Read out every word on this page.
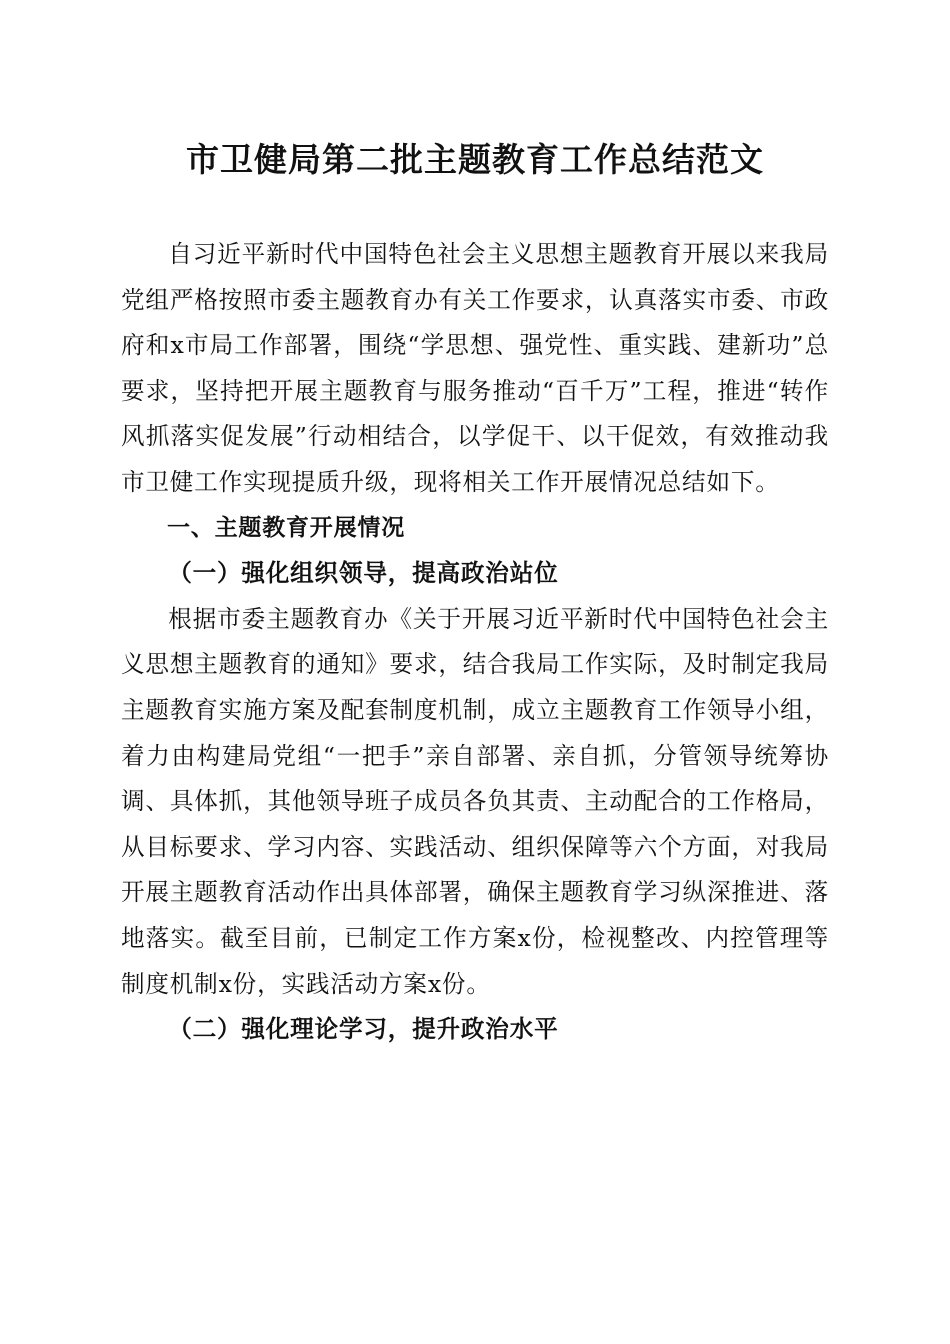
市卫健局第二批主题教育工作总结范文

自习近平新时代中国特色社会主义思想主题教育开展以来我局党组严格按照市委主题教育办有关工作要求，认真落实市委、市政府和x市局工作部署，围绕“学思想、强党性、重实践、建新功”总要求，坚持把开展主题教育与服务推动“百千万”工程，推进“转作风抓落实促发展”行动相结合，以学促干、以干促效，有效推动我市卫健工作实现提质升级，现将相关工作开展情况总结如下。

一、主题教育开展情况

（一）强化组织领导，提高政治站位

根据市委主题教育办《关于开展习近平新时代中国特色社会主义思想主题教育的通知》要求，结合我局工作实际，及时制定我局主题教育实施方案及配套制度机制，成立主题教育工作领导小组，着力由构建局党组“一把手”亲自部署、亲自抓，分管领导统筹协调、具体抓，其他领导班子成员各负其责、主动配合的工作格局，从目标要求、学习内容、实践活动、组织保障等六个方面，对我局开展主题教育活动作出具体部署，确保主题教育学习纵深推进、落地落实。截至目前，已制定工作方案x份，检视整改、内控管理等制度机制x份，实践活动方案x份。

（二）强化理论学习，提升政治水平
